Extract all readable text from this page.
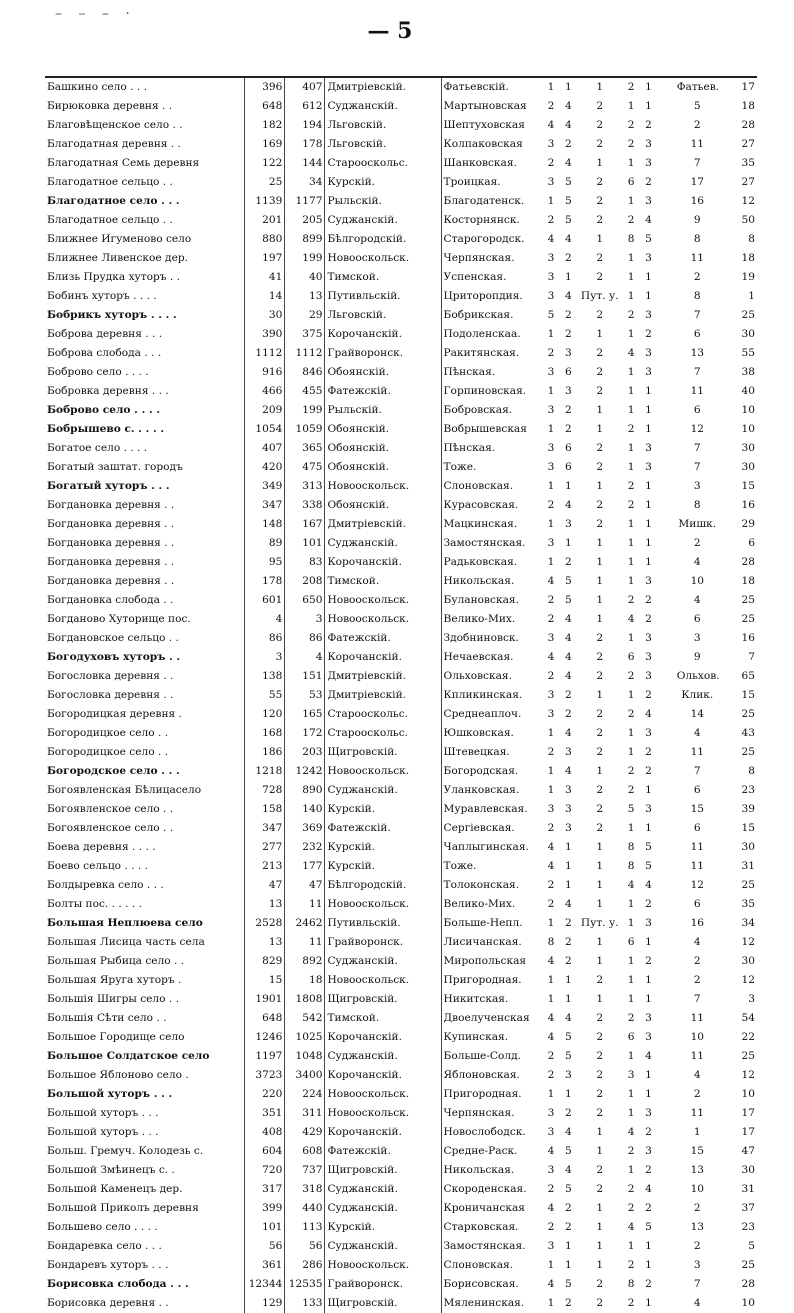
– – – ·
— 5
Башкино село . . .	396	407	Дмитріевскій.	Фатьевскій.	1	1	1	2	1		Фатьев.	17
Бирюковка деревня . .	648	612	Суджанскій.	Мартыновская	2	4	2	1	1		5	18
Благовѣщенское село . .	182	194	Льговскій.	Шептуховская	4	4	2	2	2		2	28
Благодатная деревня . .	169	178	Льговскій.	Колпаковская	3	2	2	2	3		11	27
Благодатная Семь деревня	122	144	Старооскольс.	Шанковская.	2	4	1	1	3		7	35
Благодатное сельцо . .	25	34	Курскій.	Троицкая.	3	5	2	6	2		17	27
Благодатное село . . .	1139	1177	Рыльскій.	Благодатенск.	1	5	2	1	3		16	12
Благодатное сельцо . .	201	205	Суджанскій.	Косторнянск.	2	5	2	2	4		9	50
Ближнее Игуменово село	880	899	Бѣлгородскій.	Старогородск.	4	4	1	8	5		8	8
Ближнее Ливенское дер.	197	199	Новооскольск.	Черпянская.	3	2	2	1	3		11	18
Близь Прудка хуторъ . .	41	40	Тимской.	Успенская.	3	1	2	1	1		2	19
Бобинъ хуторъ . . . .	14	13	Путивльскій.	Цриторопдия.	3	4	Пут. у.	1	1		8	1
Бобрикъ хуторъ . . . .	30	29	Льговскій.	Бобрикская.	5	2	2	2	3		7	25
Боброва деревня . . .	390	375	Корочанскій.	Подоленскаа.	1	2	1	1	2		6	30
Боброва слобода . . .	1112	1112	Грайворонск.	Ракитянская.	2	3	2	4	3		13	55
Боброво село . . . .	916	846	Обоянскій.	Пѣнская.	3	6	2	1	3		7	38
Бобровка деревня . . .	466	455	Фатежскій.	Горпиновская.	1	3	2	1	1		11	40
Боброво село . . . .	209	199	Рыльскій.	Бобровская.	3	2	1	1	1		6	10
Бобрышево с. . . . .	1054	1059	Обоянскій.	Вобрышевская	1	2	1	2	1		12	10
Богатое село . . . .	407	365	Обоянскій.	Пѣнская.	3	6	2	1	3		7	30
Богатый заштат. городъ	420	475	Обоянскій.	Тоже.	3	6	2	1	3		7	30
Богатый хуторъ . . .	349	313	Новооскольск.	Слоновская.	1	1	1	2	1		3	15
Богдановка деревня . .	347	338	Обоянскій.	Курасовская.	2	4	2	2	1		8	16
Богдановка деревня . .	148	167	Дмитріевскій.	Мацкинская.	1	3	2	1	1		Мишк.	29
Богдановка деревня . .	89	101	Суджанскій.	Замостянская.	3	1	1	1	1		2	6
Богдановка деревня . .	95	83	Корочанскій.	Радьковская.	1	2	1	1	1		4	28
Богдановка деревня . .	178	208	Тимской.	Никольская.	4	5	1	1	3		10	18
Богдановка слобода . .	601	650	Новооскольск.	Булановская.	2	5	1	2	2		4	25
Богданово Хуторище пос.	4	3	Новооскольск.	Велико-Мих.	2	4	1	4	2		6	25
Богдановское сельцо . .	86	86	Фатежскій.	Здобниновск.	3	4	2	1	3		3	16
Богодуховъ хуторъ . .	3	4	Корочанскій.	Нечаевская.	4	4	2	6	3		9	7
Богословка деревня . .	138	151	Дмитріевскій.	Ольховская.	2	4	2	2	3		Ольхов.	65
Богословка деревня . .	55	53	Дмитріевскій.	Кпликинская.	3	2	1	1	2		Клик.	15
Богородицкая деревня .	120	165	Старооскольс.	Среднеаплоч.	3	2	2	2	4		14	25
Богородицкое село . .	168	172	Старооскольс.	Юшковская.	1	4	2	1	3		4	43
Богородицкое село . .	186	203	Щигровскій.	Штевецкая.	2	3	2	1	2		11	25
Богородское село . . .	1218	1242	Новооскольск.	Богородская.	1	4	1	2	2		7	8
Богоявленская Бѣлицасело	728	890	Суджанскій.	Уланковская.	1	3	2	2	1		6	23
Богоявленское село . .	158	140	Курскій.	Муравлевская.	3	3	2	5	3		15	39
Богоявленское село . .	347	369	Фатежскій.	Сергіевская.	2	3	2	1	1		6	15
Боева деревня . . . .	277	232	Курскій.	Чаплыгинская.	4	1	1	8	5		11	30
Боево сельцо . . . .	213	177	Курскій.	Тоже.	4	1	1	8	5		11	31
Болдыревка село . . .	47	47	Бѣлгородскій.	Толоконская.	2	1	1	4	4		12	25
Болты пос. . . . . .	13	11	Новооскольск.	Велико-Мих.	2	4	1	1	2		6	35
Большая Неплюева село	2528	2462	Путивльскій.	Больше-Непл.	1	2	Пут. у.	1	3		16	34
Большая Лисица часть села	13	11	Грайворонск.	Лисичанская.	8	2	1	6	1		4	12
Большая Рыбица село . .	829	892	Суджанскій.	Миропольская	4	2	1	1	2		2	30
Большая Яруга хуторъ .	15	18	Новооскольск.	Пригородная.	1	1	2	1	1		2	12
Большія Шигры село . .	1901	1808	Щигровскій.	Никитская.	1	1	1	1	1		7	3
Большія Сѣти село . .	648	542	Тимской.	Двоелученская	4	4	2	2	3		11	54
Большое Городище село	1246	1025	Корочанскій.	Купинская.	4	5	2	6	3		10	22
Большое Солдатское село	1197	1048	Суджанскій.	Больше-Солд.	2	5	2	1	4		11	25
Большое Яблоново село .	3723	3400	Корочанскій.	Яблоновская.	2	3	2	3	1		4	12
Большой хуторъ . . .	220	224	Новооскольск.	Пригородная.	1	1	2	1	1		2	10
Большой хуторъ . . .	351	311	Новооскольск.	Черпянская.	3	2	2	1	3		11	17
Большой хуторъ . . .	408	429	Корочанскій.	Новослободск.	3	4	1	4	2		1	17
Больш. Гремуч. Колодезь с.	604	608	Фатежскій.	Средне-Раск.	4	5	1	2	3		15	47
Большой Змѣинецъ с. .	720	737	Щигровскій.	Никольская.	3	4	2	1	2		13	30
Большой Каменецъ дер.	317	318	Суджанскій.	Скороденская.	2	5	2	2	4		10	31
Большой Приколъ деревня	399	440	Суджанскій.	Кроничанская	4	2	1	2	2		2	37
Большево село . . . .	101	113	Курскій.	Старковская.	2	2	1	4	5		13	23
Бондаревка село . . .	56	56	Суджанскій.	Замостянская.	3	1	1	1	1		2	5
Бондаревъ хуторъ . . .	361	286	Новооскольск.	Слоновская.	1	1	1	2	1		3	25
Борисовка слобода . . .	12344	12535	Грайворонск.	Борисовская.	4	5	2	8	2		7	28
Борисовка деревня . .	129	133	Щигровскій.	Мяленинская.	1	2	2	2	1		4	10
